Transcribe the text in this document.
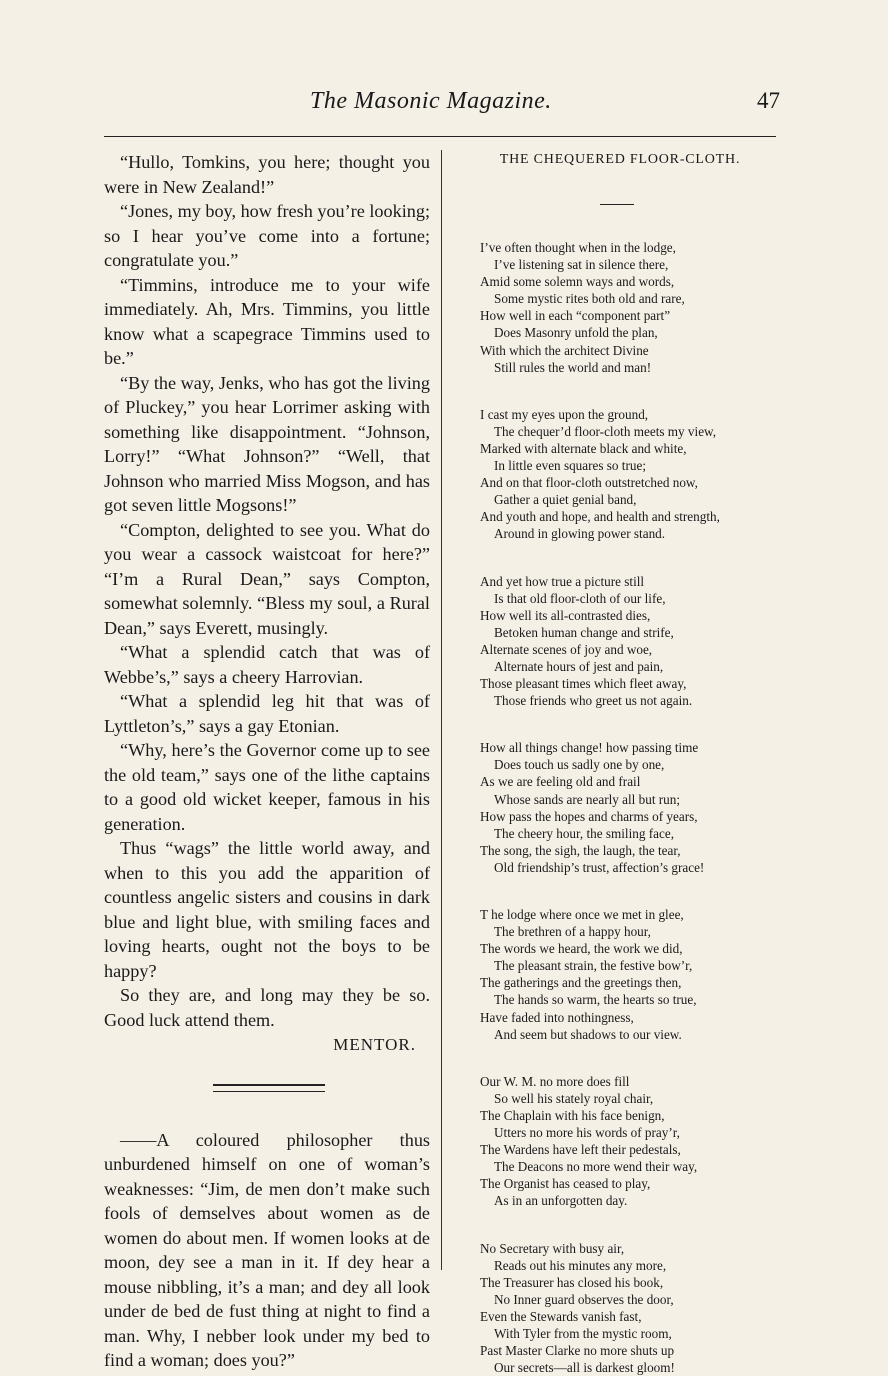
The Masonic Magazine.	47

“Hullo, Tomkins, you here; thought you were in New Zealand!”

“Jones, my boy, how fresh you’re looking; so I hear you’ve come into a fortune; congratulate you.”

“Timmins, introduce me to your wife immediately. Ah, Mrs. Timmins, you little know what a scapegrace Timmins used to be.”

“By the way, Jenks, who has got the living of Pluckey,” you hear Lorrimer asking with something like disappointment. “Johnson, Lorry!” “What Johnson?” “Well, that Johnson who married Miss Mogson, and has got seven little Mogsons!”

“Compton, delighted to see you. What do you wear a cassock waistcoat for here?” “I’m a Rural Dean,” says Compton, somewhat solemnly. “Bless my soul, a Rural Dean,” says Everett, musingly.

“What a splendid catch that was of Webbe’s,” says a cheery Harrovian.

“What a splendid leg hit that was of Lyttleton’s,” says a gay Etonian.

“Why, here’s the Governor come up to see the old team,” says one of the lithe captains to a good old wicket keeper, famous in his generation.

Thus “wags” the little world away, and when to this you add the apparition of countless angelic sisters and cousins in dark blue and light blue, with smiling faces and loving hearts, ought not the boys to be happy?

So they are, and long may they be so. Good luck attend them.

MENTOR.

——A coloured philosopher thus unburdened himself on one of woman’s weaknesses: “Jim, de men don’t make such fools of demselves about women as de women do about men. If women looks at de moon, dey see a man in it. If dey hear a mouse nibbling, it’s a man; and dey all look under de bed de fust thing at night to find a man. Why, I nebber look under my bed to find a woman; does you?”

THE CHEQUERED FLOOR-CLOTH.
I’ve often thought when in the lodge,
I’ve listening sat in silence there,
Amid some solemn ways and words,
Some mystic rites both old and rare,
How well in each “component part”
Does Masonry unfold the plan,
With which the architect Divine
Still rules the world and man!
I cast my eyes upon the ground,
The chequer’d floor-cloth meets my view,
Marked with alternate black and white,
In little even squares so true;
And on that floor-cloth outstretched now,
Gather a quiet genial band,
And youth and hope, and health and strength,
Around in glowing power stand.
And yet how true a picture still
Is that old floor-cloth of our life,
How well its all-contrasted dies,
Betoken human change and strife,
Alternate scenes of joy and woe,
Alternate hours of jest and pain,
Those pleasant times which fleet away,
Those friends who greet us not again.
How all things change! how passing time
Does touch us sadly one by one,
As we are feeling old and frail
Whose sands are nearly all but run;
How pass the hopes and charms of years,
The cheery hour, the smiling face,
The song, the sigh, the laugh, the tear,
Old friendship’s trust, affection’s grace!
T he lodge where once we met in glee,
The brethren of a happy hour,
The words we heard, the work we did,
The pleasant strain, the festive bow’r,
The gatherings and the greetings then,
The hands so warm, the hearts so true,
Have faded into nothingness,
And seem but shadows to our view.
Our W. M. no more does fill
So well his stately royal chair,
The Chaplain with his face benign,
Utters no more his words of pray’r,
The Wardens have left their pedestals,
The Deacons no more wend their way,
The Organist has ceased to play,
As in an unforgotten day.
No Secretary with busy air,
Reads out his minutes any more,
The Treasurer has closed his book,
No Inner guard observes the door,
Even the Stewards vanish fast,
With Tyler from the mystic room,
Past Master Clarke no more shuts up
Our secrets—all is darkest gloom!
